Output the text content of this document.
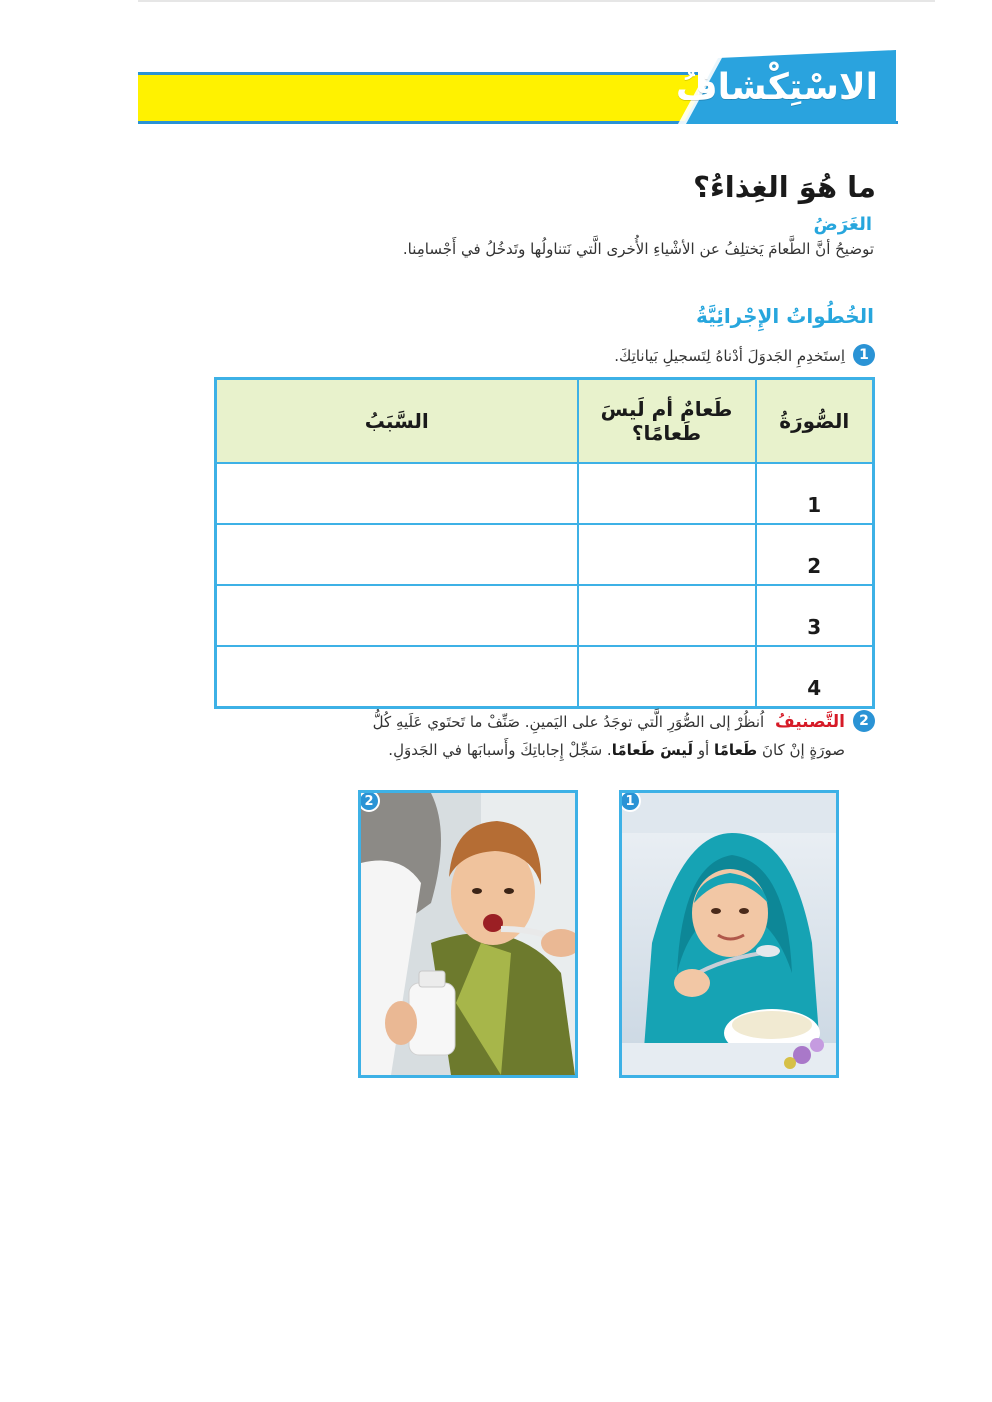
الاسْتِكْشافُ
ما هُوَ الغِذاءُ؟
الغَرَضُ
توضيحُ أنَّ الطَّعامَ يَختلِفُ عن الأشْياءِ الأُخرى الَّتي نَتناولُها وتَدخُلُ في أَجْسامِنا.
الخُطُواتُ الإِجْرائِيَّةُ
1
اِستَخدِمِ الجَدوَلَ أدْناهُ لِتَسجيلِ بَياناتِكَ.
الصُّورَةُ	طَعامٌ أم لَيسَ طَعامًا؟	السَّبَبُ
1		
2		
3		
4		
2
التَّصنيفُ اُنظُرْ إلى الصُّوَرِ الَّتي توجَدُ على اليَمينِ. صَنِّفْ ما تَحتَوي عَلَيهِ كُلُّ
صورَةٍ إنْ كانَ طَعامًا أو لَيسَ طَعامًا. سَجِّلْ إِجاباتِكَ وأَسبابَها في الجَدوَلِ.
1
2
